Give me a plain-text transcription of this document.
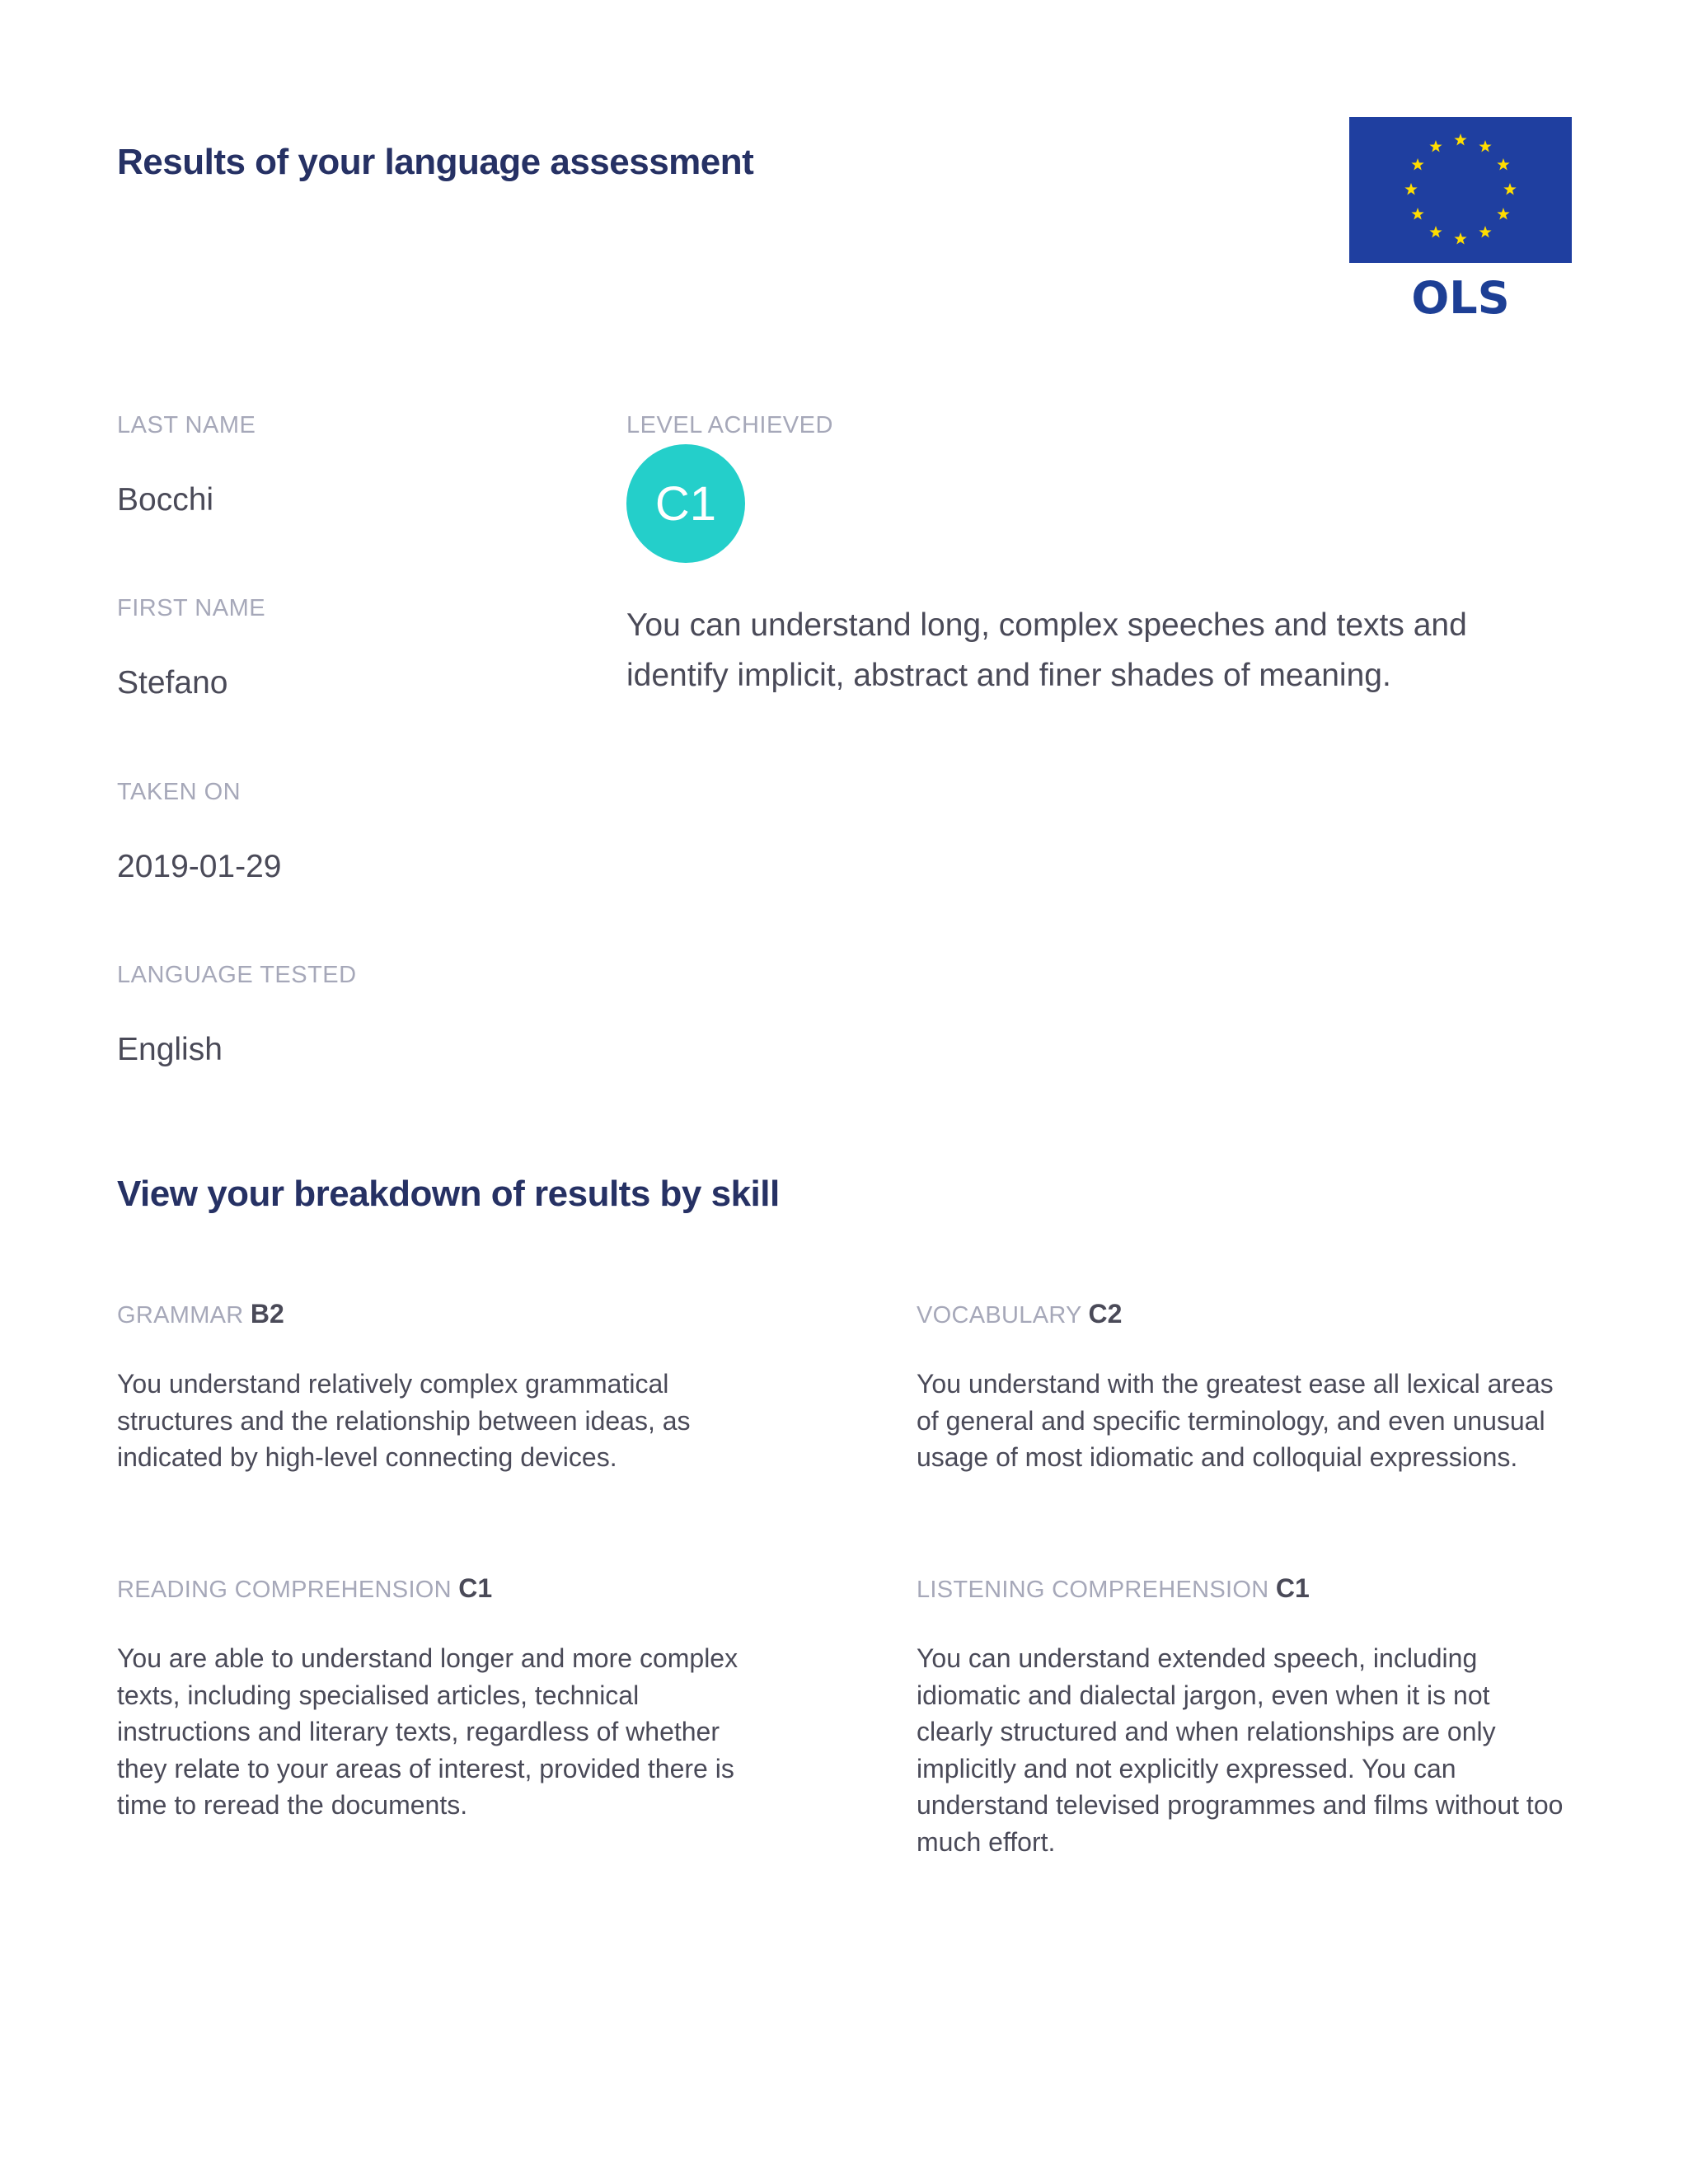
Results of your language assessment
OLS
LAST NAME
Bocchi
FIRST NAME
Stefano
TAKEN ON
2019-01-29
LANGUAGE TESTED
English
LEVEL ACHIEVED
C1

You can understand long, complex speeches and texts and identify implicit, abstract and finer shades of meaning.

View your breakdown of results by skill

GRAMMAR B2

You understand relatively complex grammatical structures and the relationship between ideas, as indicated by high-level connecting devices.

VOCABULARY C2

You understand with the greatest ease all lexical areas of general and specific terminology, and even unusual usage of most idiomatic and colloquial expressions.

READING COMPREHENSION C1

You are able to understand longer and more complex texts, including specialised articles, technical instructions and literary texts, regardless of whether they relate to your areas of interest, provided there is time to reread the documents.

LISTENING COMPREHENSION C1

You can understand extended speech, including idiomatic and dialectal jargon, even when it is not clearly structured and when relationships are only implicitly and not explicitly expressed. You can understand televised programmes and films without too much effort.
